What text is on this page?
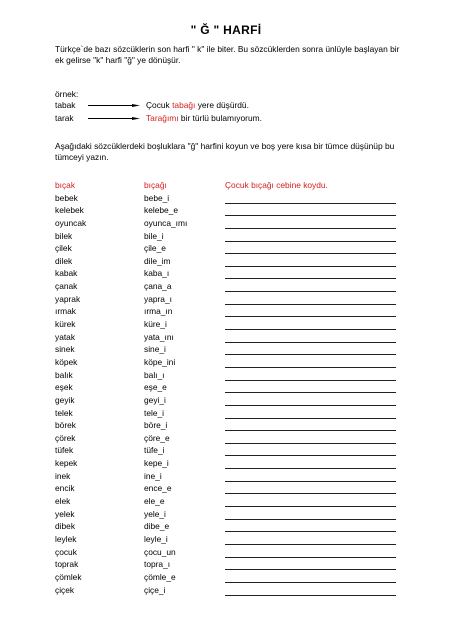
" Ğ " HARFİ
Türkçe`de bazı sözcüklerin son harfi " k" ile biter. Bu sözcüklerden sonra ünlüyle başlayan bir ek gelirse "k" harfi "ğ" ye dönüşür.
örnek:
tabak	Çocuk tabağı yere düşürdü.
tarak	Tarağımı bir türlü bulamıyorum.
Aşağıdaki sözcüklerdeki boşluklara "ğ" harfini koyun ve boş yere kısa bir tümce düşünüp bu tümceyi yazın.
bıçak	bıçağı	Çocuk bıçağı cebine koydu.
bebek	bebe_i
kelebek	kelebe_e
oyuncak	oyunca_ımı
bilek	bile_i
çilek	çile_e
dilek	dile_im
kabak	kaba_ı
çanak	çana_a
yaprak	yapra_ı
ırmak	ırma_ın
kürek	küre_i
yatak	yata_ını
sinek	sine_i
köpek	köpe_ini
balık	balı_ı
eşek	eşe_e
geyik	geyi_i
telek	tele_i
börek	böre_i
çörek	çöre_e
tüfek	tüfe_i
kepek	kepe_i
inek	ine_i
encik	ence_e
elek	ele_e
yelek	yele_i
dibek	dibe_e
leylek	leyle_i
çocuk	çocu_un
toprak	topra_ı
çömlek	çömle_e
çiçek	çiçe_i
